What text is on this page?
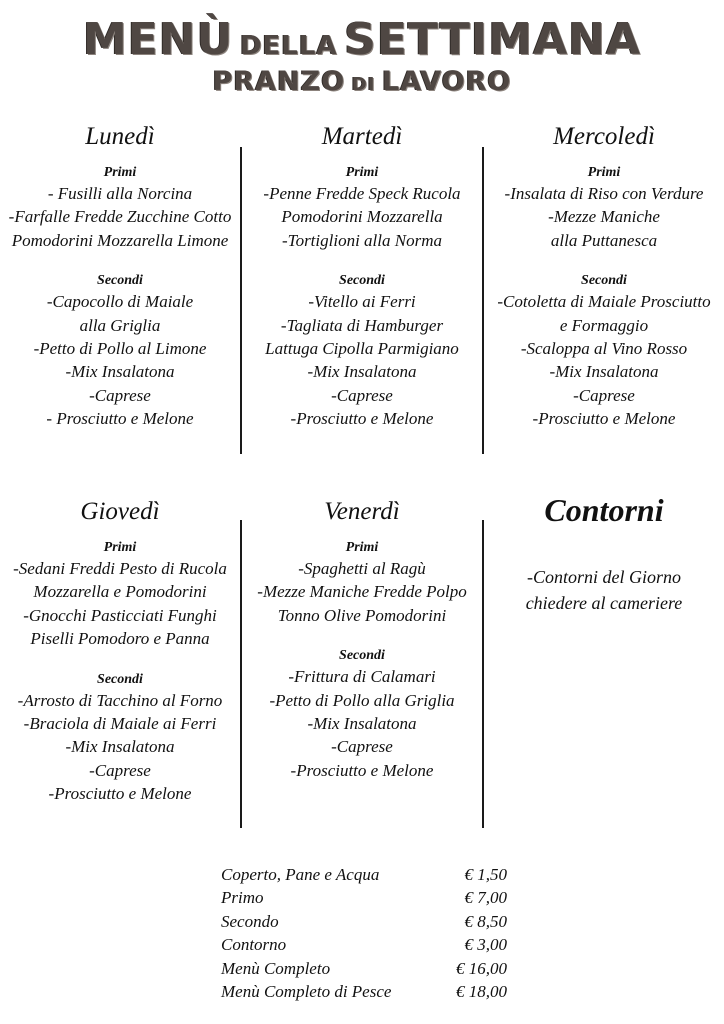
MENÙ DELLA SETTIMANA
PRANZO DI LAVORO
Lunedì
Primi
- Fusilli alla Norcina
-Farfalle Fredde Zucchine Cotto
Pomodorini Mozzarella Limone
Secondi
-Capocollo di Maiale
alla Griglia
-Petto di Pollo al Limone
-Mix Insalatona
-Caprese
- Prosciutto e Melone
Martedì
Primi
-Penne Fredde Speck Rucola
Pomodorini Mozzarella
-Tortiglioni alla Norma
Secondi
-Vitello ai Ferri
-Tagliata di Hamburger
Lattuga Cipolla Parmigiano
-Mix Insalatona
-Caprese
-Prosciutto e Melone
Mercoledì
Primi
-Insalata di Riso con Verdure
-Mezze Maniche
alla Puttanesca
Secondi
-Cotoletta di Maiale Prosciutto
e Formaggio
-Scaloppa al Vino Rosso
-Mix Insalatona
-Caprese
-Prosciutto e Melone
Giovedì
Primi
-Sedani Freddi Pesto di Rucola
Mozzarella e Pomodorini
-Gnocchi Pasticciati Funghi
Piselli Pomodoro e Panna
Secondi
-Arrosto di Tacchino al Forno
-Braciola di Maiale ai Ferri
-Mix Insalatona
-Caprese
-Prosciutto e Melone
Venerdì
Primi
-Spaghetti al Ragù
-Mezze Maniche Fredde Polpo
Tonno Olive Pomodorini
Secondi
-Frittura di Calamari
-Petto di Pollo alla Griglia
-Mix Insalatona
-Caprese
-Prosciutto e Melone
Contorni
-Contorni del Giorno
chiedere al cameriere
Coperto, Pane e Acqua	€ 1,50
Primo	€ 7,00
Secondo	€ 8,50
Contorno	€ 3,00
Menù Completo	€ 16,00
Menù Completo di Pesce	€ 18,00
